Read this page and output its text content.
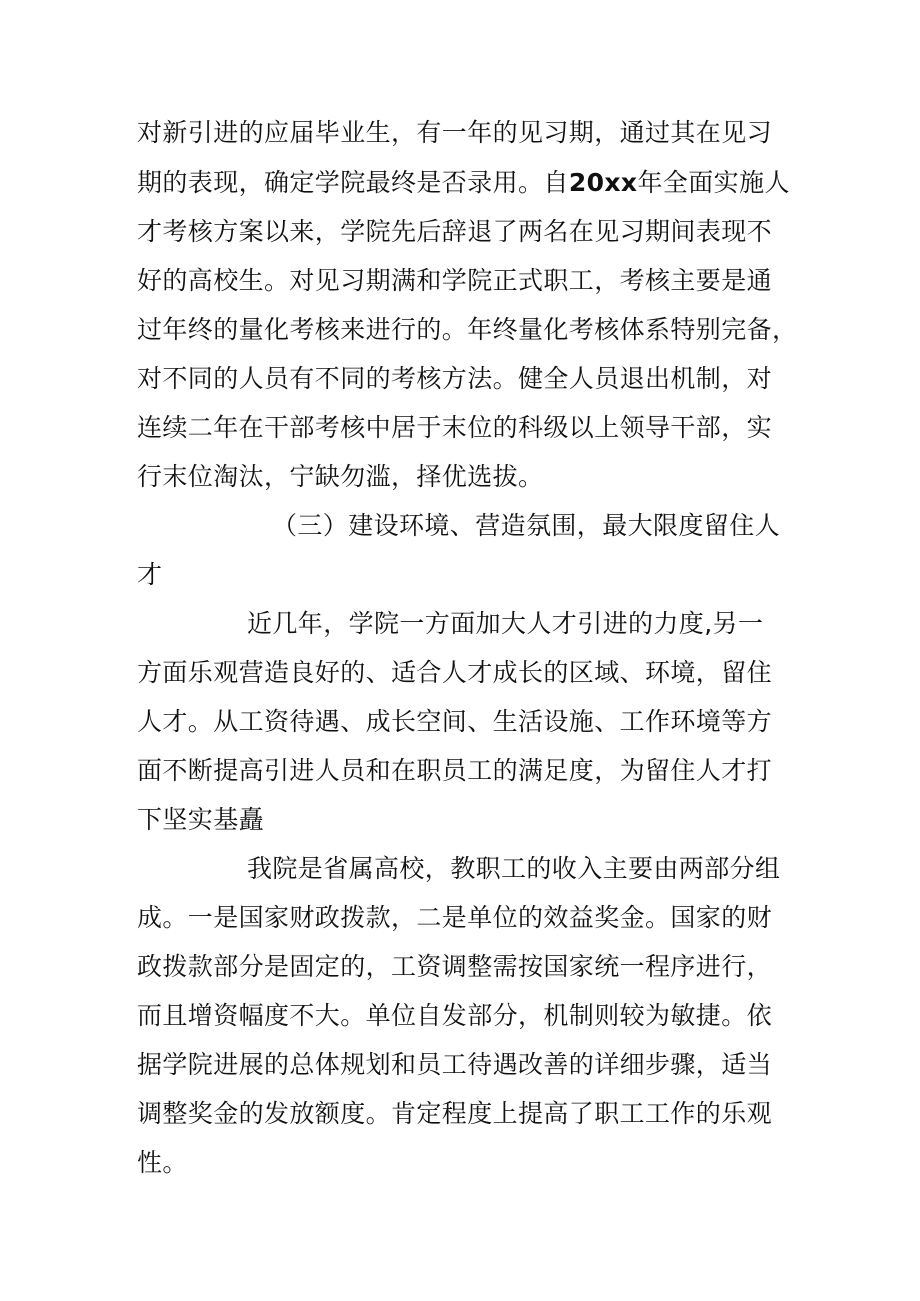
对新引进的应届毕业生，有一年的见习期，通过其在见习
期的表现，确定学院最终是否录用。自20xx年全面实施人
才考核方案以来，学院先后辞退了两名在见习期间表现不
好的高校生。对见习期满和学院正式职工，考核主要是通
过年终的量化考核来进行的。年终量化考核体系特别完备，
对不同的人员有不同的考核方法。健全人员退出机制，对
连续二年在干部考核中居于末位的科级以上领导干部，实
行末位淘汰，宁缺勿滥，择优选拔。
（三）建设环境、营造氛围，最大限度留住人
才
近几年，学院一方面加大人才引进的力度,另一
方面乐观营造良好的、适合人才成长的区域、环境，留住
人才。从工资待遇、成长空间、生活设施、工作环境等方
面不断提高引进人员和在职员工的满足度，为留住人才打
下坚实基矗
我院是省属高校，教职工的收入主要由两部分组
成。一是国家财政拨款，二是单位的效益奖金。国家的财
政拨款部分是固定的，工资调整需按国家统一程序进行，
而且增资幅度不大。单位自发部分，机制则较为敏捷。依
据学院进展的总体规划和员工待遇改善的详细步骤，适当
调整奖金的发放额度。肯定程度上提高了职工工作的乐观
性。
